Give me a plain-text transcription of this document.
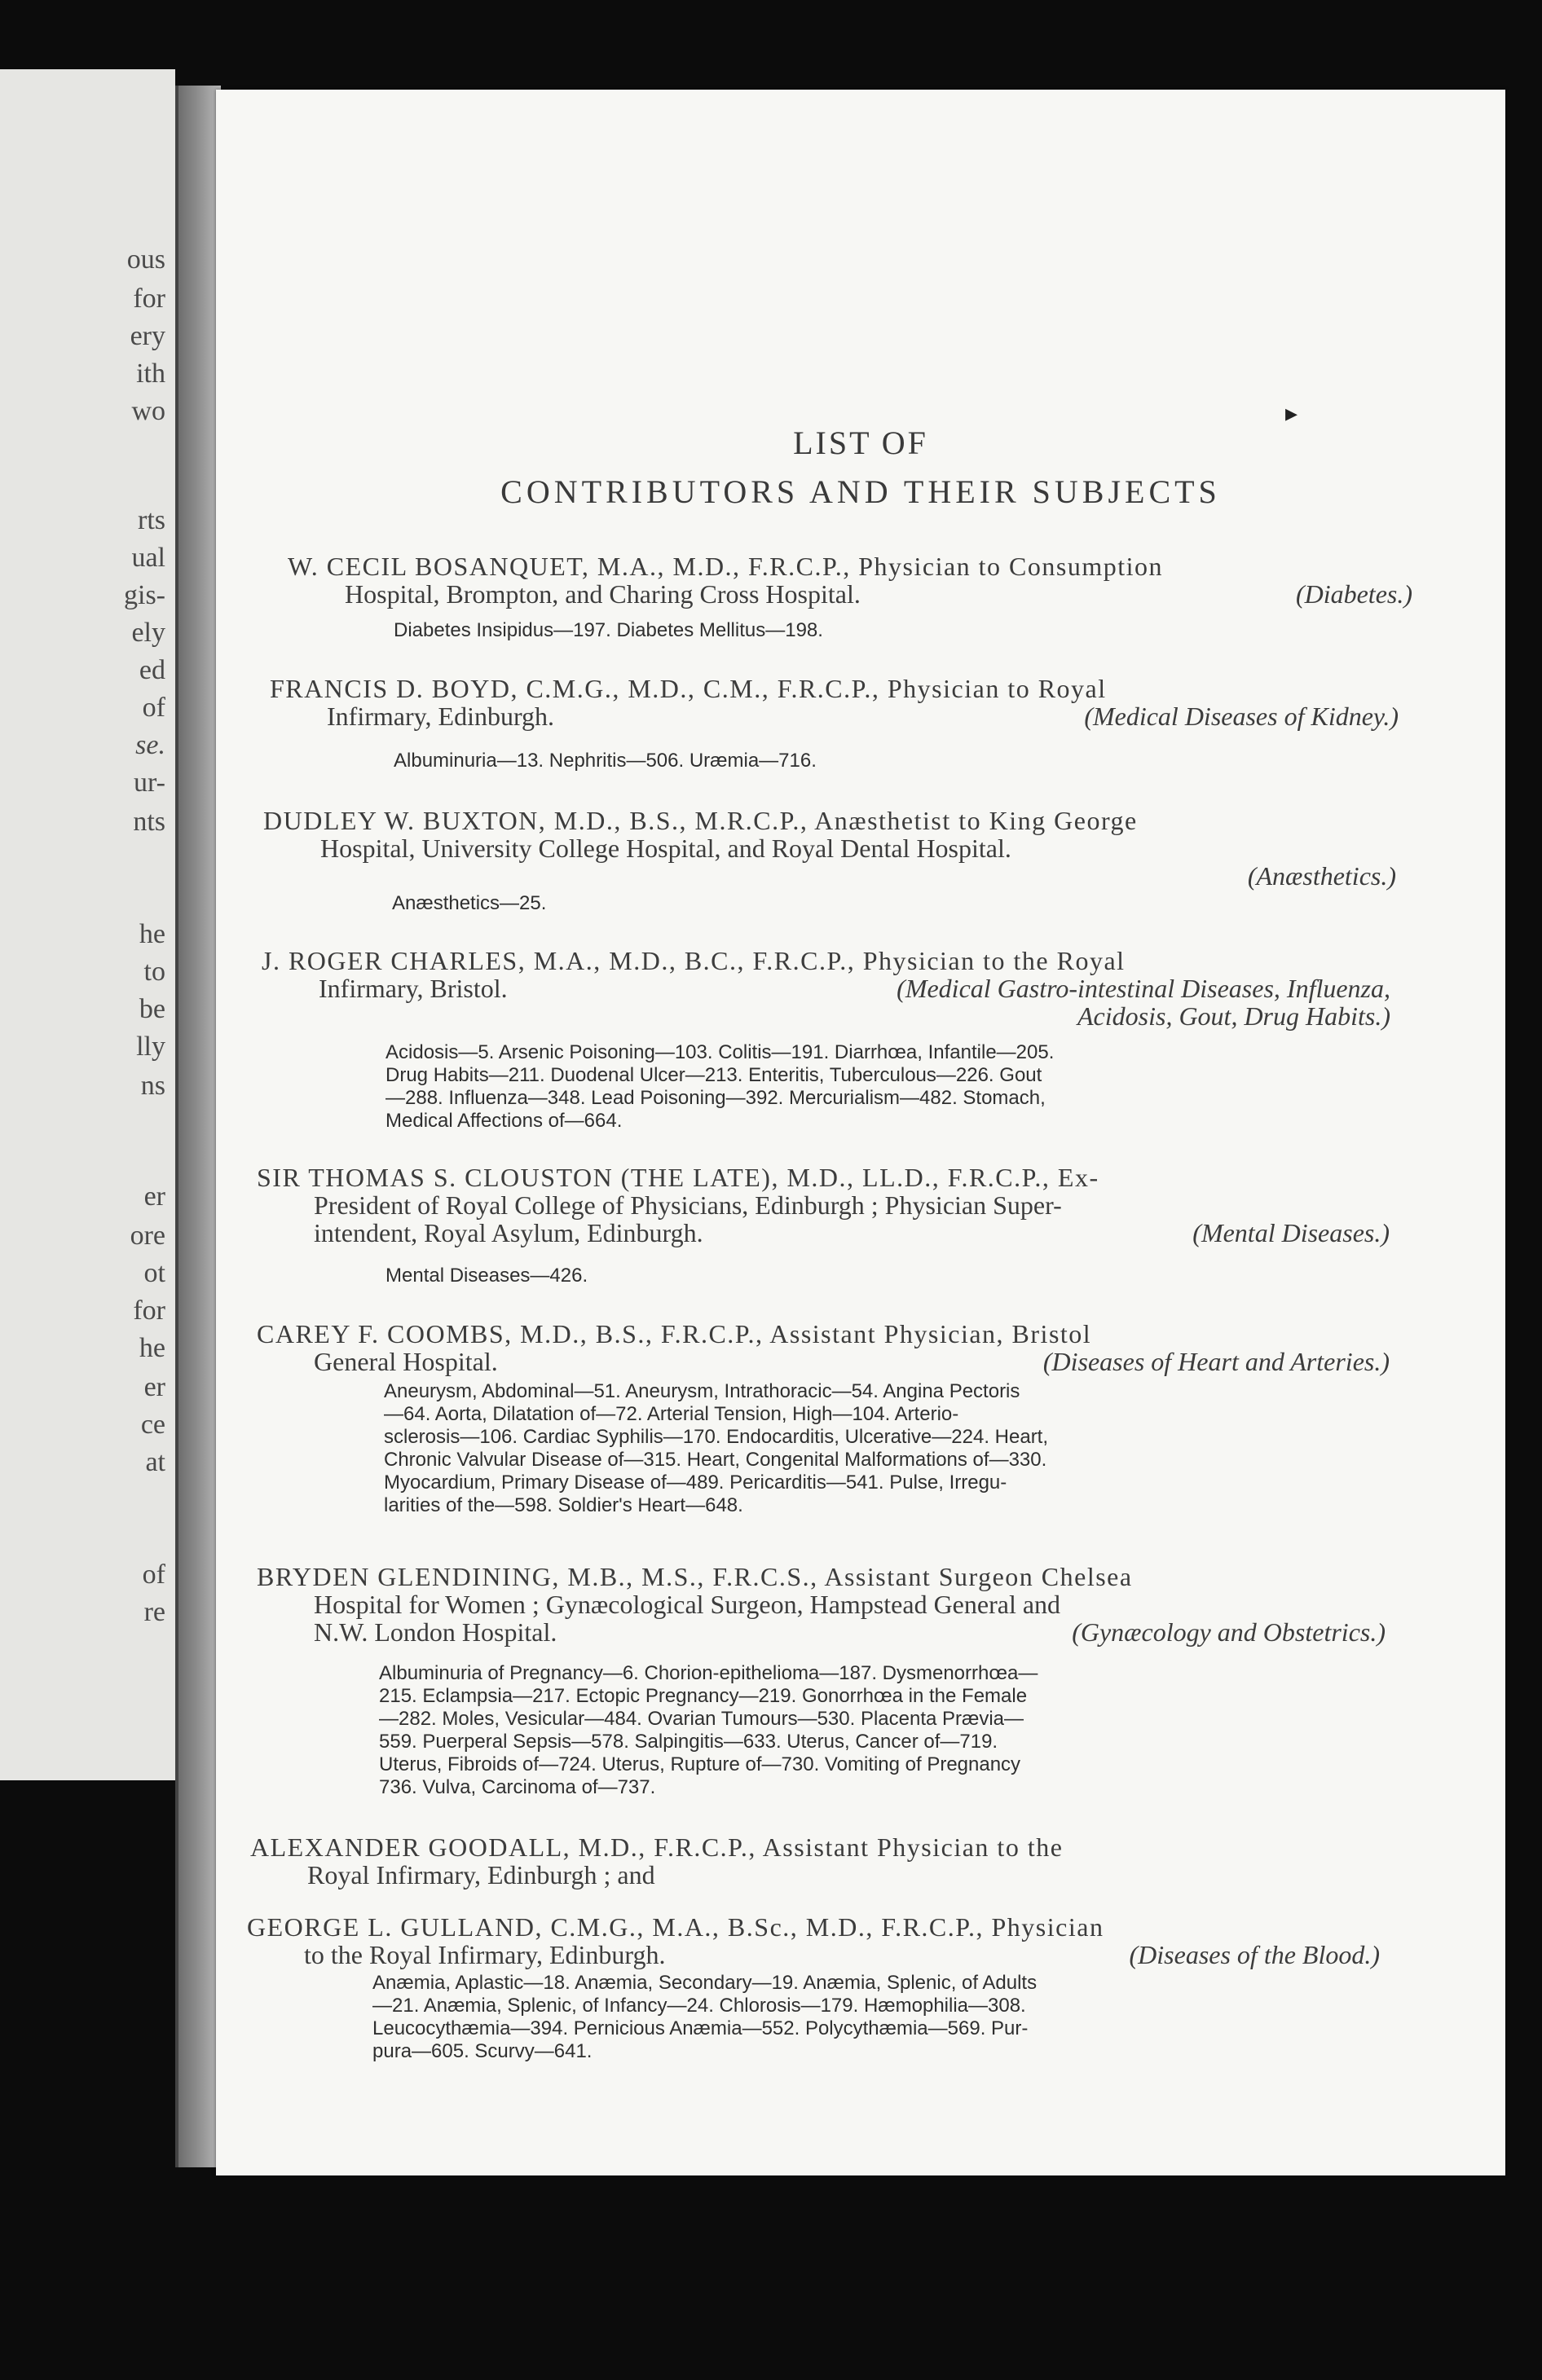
ous
for
ery
ith
wo
rts
ual
gis-
ely
ed
of
se.
ur-
nts
he
to
be
lly
ns
er
ore
ot
for
he
er
ce
at
of
re
LIST OF
CONTRIBUTORS AND THEIR SUBJECTS
W. CECIL BOSANQUET, M.A., M.D., F.R.C.P., Physician to Consumption
Hospital, Brompton, and Charing Cross Hospital.	(Diabetes.)
Diabetes Insipidus—197. Diabetes Mellitus—198.
FRANCIS D. BOYD, C.M.G., M.D., C.M., F.R.C.P., Physician to Royal
Infirmary, Edinburgh.	(Medical Diseases of Kidney.)
Albuminuria—13. Nephritis—506. Uræmia—716.
DUDLEY W. BUXTON, M.D., B.S., M.R.C.P., Anæsthetist to King George
Hospital, University College Hospital, and Royal Dental Hospital.
(Anæsthetics.)
Anæsthetics—25.
J. ROGER CHARLES, M.A., M.D., B.C., F.R.C.P., Physician to the Royal
Infirmary, Bristol.	(Medical Gastro-intestinal Diseases, Influenza,
Acidosis, Gout, Drug Habits.)
Acidosis—5. Arsenic Poisoning—103. Colitis—191. Diarrhœa, Infantile—205.
Drug Habits—211. Duodenal Ulcer—213. Enteritis, Tuberculous—226. Gout
—288. Influenza—348. Lead Poisoning—392. Mercurialism—482. Stomach,
Medical Affections of—664.
SIR THOMAS S. CLOUSTON (THE LATE), M.D., LL.D., F.R.C.P., Ex-
President of Royal College of Physicians, Edinburgh ; Physician Super-
intendent, Royal Asylum, Edinburgh.	(Mental Diseases.)
Mental Diseases—426.
CAREY F. COOMBS, M.D., B.S., F.R.C.P., Assistant Physician, Bristol
General Hospital.	(Diseases of Heart and Arteries.)
Aneurysm, Abdominal—51. Aneurysm, Intrathoracic—54. Angina Pectoris
—64. Aorta, Dilatation of—72. Arterial Tension, High—104. Arterio-
sclerosis—106. Cardiac Syphilis—170. Endocarditis, Ulcerative—224. Heart,
Chronic Valvular Disease of—315. Heart, Congenital Malformations of—330.
Myocardium, Primary Disease of—489. Pericarditis—541. Pulse, Irregu-
larities of the—598. Soldier's Heart—648.
BRYDEN GLENDINING, M.B., M.S., F.R.C.S., Assistant Surgeon Chelsea
Hospital for Women ; Gynæcological Surgeon, Hampstead General and
N.W. London Hospital.	(Gynæcology and Obstetrics.)
Albuminuria of Pregnancy—6. Chorion-epithelioma—187. Dysmenorrhœa—
215. Eclampsia—217. Ectopic Pregnancy—219. Gonorrhœa in the Female
—282. Moles, Vesicular—484. Ovarian Tumours—530. Placenta Prævia—
559. Puerperal Sepsis—578. Salpingitis—633. Uterus, Cancer of—719.
Uterus, Fibroids of—724. Uterus, Rupture of—730. Vomiting of Pregnancy
736. Vulva, Carcinoma of—737.
ALEXANDER GOODALL, M.D., F.R.C.P., Assistant Physician to the
Royal Infirmary, Edinburgh ; and
GEORGE L. GULLAND, C.M.G., M.A., B.Sc., M.D., F.R.C.P., Physician
to the Royal Infirmary, Edinburgh.	(Diseases of the Blood.)
Anæmia, Aplastic—18. Anæmia, Secondary—19. Anæmia, Splenic, of Adults
—21. Anæmia, Splenic, of Infancy—24. Chlorosis—179. Hæmophilia—308.
Leucocythæmia—394. Pernicious Anæmia—552. Polycythæmia—569. Pur-
pura—605. Scurvy—641.
▸
